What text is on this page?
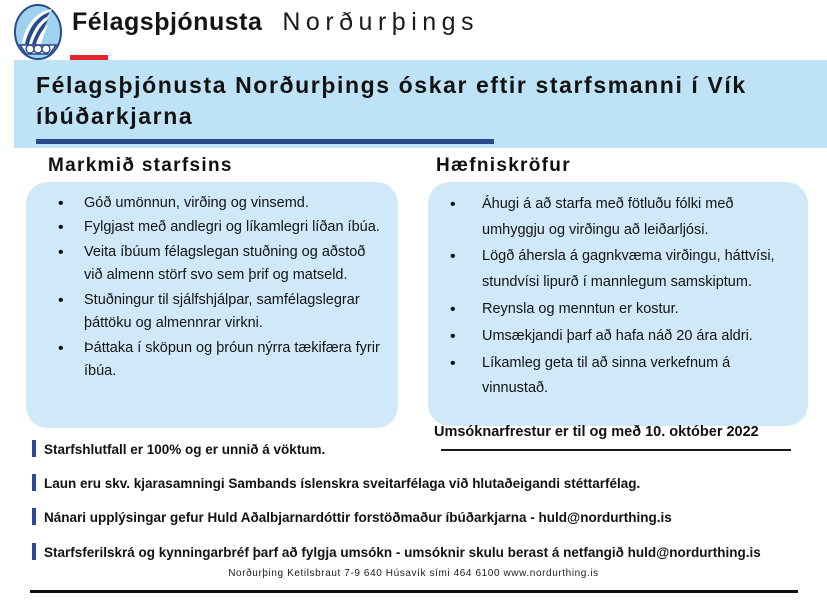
Félagsþjónusta Norðurþings
Félagsþjónusta Norðurþings óskar eftir starfsmanni í Vík íbúðarkjarna
Markmið starfsins
• Góð umönnun, virðing og vinsemd.
• Fylgjast með andlegri og líkamlegri líðan íbúa.
• Veita íbúum félagslegan stuðning og aðstoð við almenn störf svo sem þrif og matseld.
• Stuðningur til sjálfshjálpar, samfélagslegrar þáttöku og almennrar virkni.
• Þáttaka í sköpun og þróun nýrra tækifæra fyrir íbúa.
Hæfniskröfur
• Áhugi á að starfa með fötluðu fólki með umhyggju og virðingu að leiðarljósi.
• Lögð áhersla á gagnkvæma virðingu, háttvísi, stundvísi lipurð í mannlegum samskiptum.
• Reynsla og menntun er kostur.
• Umsækjandi þarf að hafa náð 20 ára aldri.
• Líkamleg geta til að sinna verkefnum á vinnustað.
Umsóknarfrestur er til og með 10. október 2022
Starfshlutfall er 100% og er unnið á vöktum.
Laun eru skv. kjarasamningi Sambands íslenskra sveitarfélaga við hlutaðeigandi stéttarfélag.
Nánari upplýsingar gefur Huld Aðalbjarnardóttir forstöðmaður íbúðarkjarna - huld@nordurthing.is
Starfsferilskrá og kynningarbréf þarf að fylgja umsókn - umsóknir skulu berast á netfangið huld@nordurthing.is
Norðurþing Ketilsbraut 7-9 640 Húsavík sími 464 6100 www.nordurthing.is
